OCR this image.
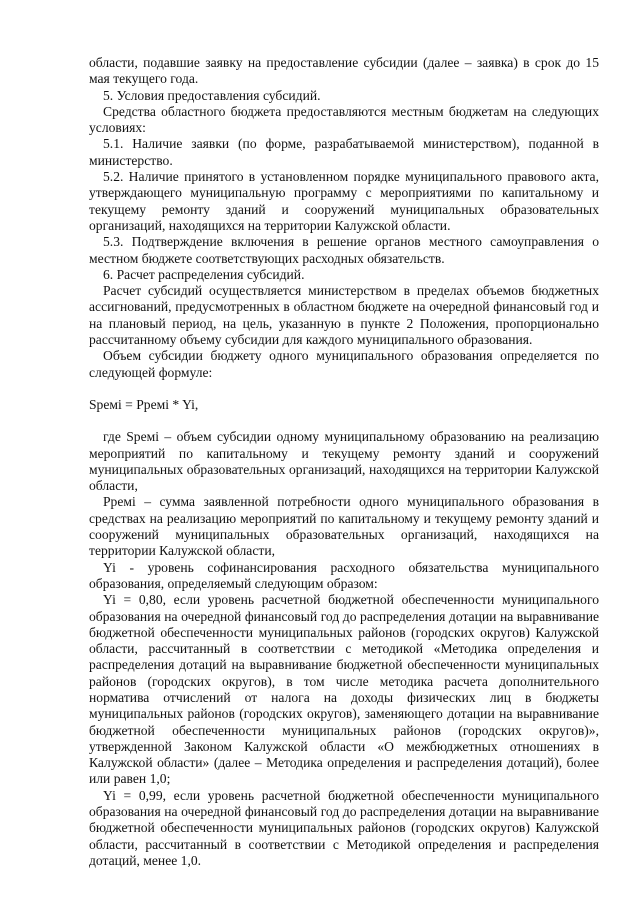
области, подавшие заявку на предоставление субсидии (далее – заявка) в срок до 15 мая текущего года.

5. Условия предоставления субсидий.

Средства областного бюджета предоставляются местным бюджетам на следующих условиях:

5.1. Наличие заявки (по форме, разрабатываемой министерством), поданной в министерство.

5.2. Наличие принятого в установленном порядке муниципального правового акта, утверждающего муниципальную программу с мероприятиями по капитальному и текущему ремонту зданий и сооружений муниципальных образовательных организаций, находящихся на территории Калужской области.

5.3. Подтверждение включения в решение органов местного самоуправления о местном бюджете соответствующих расходных обязательств.

6. Расчет распределения субсидий.

Расчет субсидий осуществляется министерством в пределах объемов бюджетных ассигнований, предусмотренных в областном бюджете на очередной финансовый год и на плановый период, на цель, указанную в пункте 2 Положения, пропорционально рассчитанному объему субсидии для каждого муниципального образования.

Объем субсидии бюджету одного муниципального образования определяется по следующей формуле:

Sремi = Pремi * Yi,

где Sремi – объем субсидии одному муниципальному образованию на реализацию мероприятий по капитальному и текущему ремонту зданий и сооружений муниципальных образовательных организаций, находящихся на территории Калужской области,

Pремi – сумма заявленной потребности одного муниципального образования в средствах на реализацию мероприятий по капитальному и текущему ремонту зданий и сооружений муниципальных образовательных организаций, находящихся на территории Калужской области,

Yi - уровень софинансирования расходного обязательства муниципального образования, определяемый следующим образом:

Yi = 0,80, если уровень расчетной бюджетной обеспеченности муниципального образования на очередной финансовый год до распределения дотации на выравнивание бюджетной обеспеченности муниципальных районов (городских округов) Калужской области, рассчитанный в соответствии с методикой «Методика определения и распределения дотаций на выравнивание бюджетной обеспеченности муниципальных районов (городских округов), в том числе методика расчета дополнительного норматива отчислений от налога на доходы физических лиц в бюджеты муниципальных районов (городских округов), заменяющего дотации на выравнивание бюджетной обеспеченности муниципальных районов (городских округов)», утвержденной Законом Калужской области «О межбюджетных отношениях в Калужской области» (далее – Методика определения и распределения дотаций), более или равен 1,0;

Yi = 0,99, если уровень расчетной бюджетной обеспеченности муниципального образования на очередной финансовый год до распределения дотации на выравнивание бюджетной обеспеченности муниципальных районов (городских округов) Калужской области, рассчитанный в соответствии с Методикой определения и распределения дотаций, менее 1,0.
